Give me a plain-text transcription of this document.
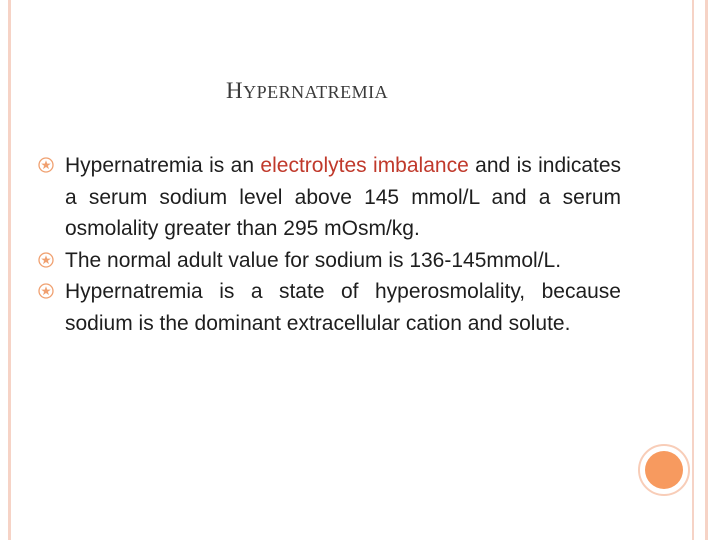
HYPERNATREMIA
Hypernatremia is an electrolytes imbalance and is indicates a serum sodium level above 145 mmol/L and a serum osmolality greater than 295 mOsm/kg.
The normal adult value for sodium is 136-145mmol/L.
Hypernatremia is a state of hyperosmolality, because sodium is the dominant extracellular cation and solute.
